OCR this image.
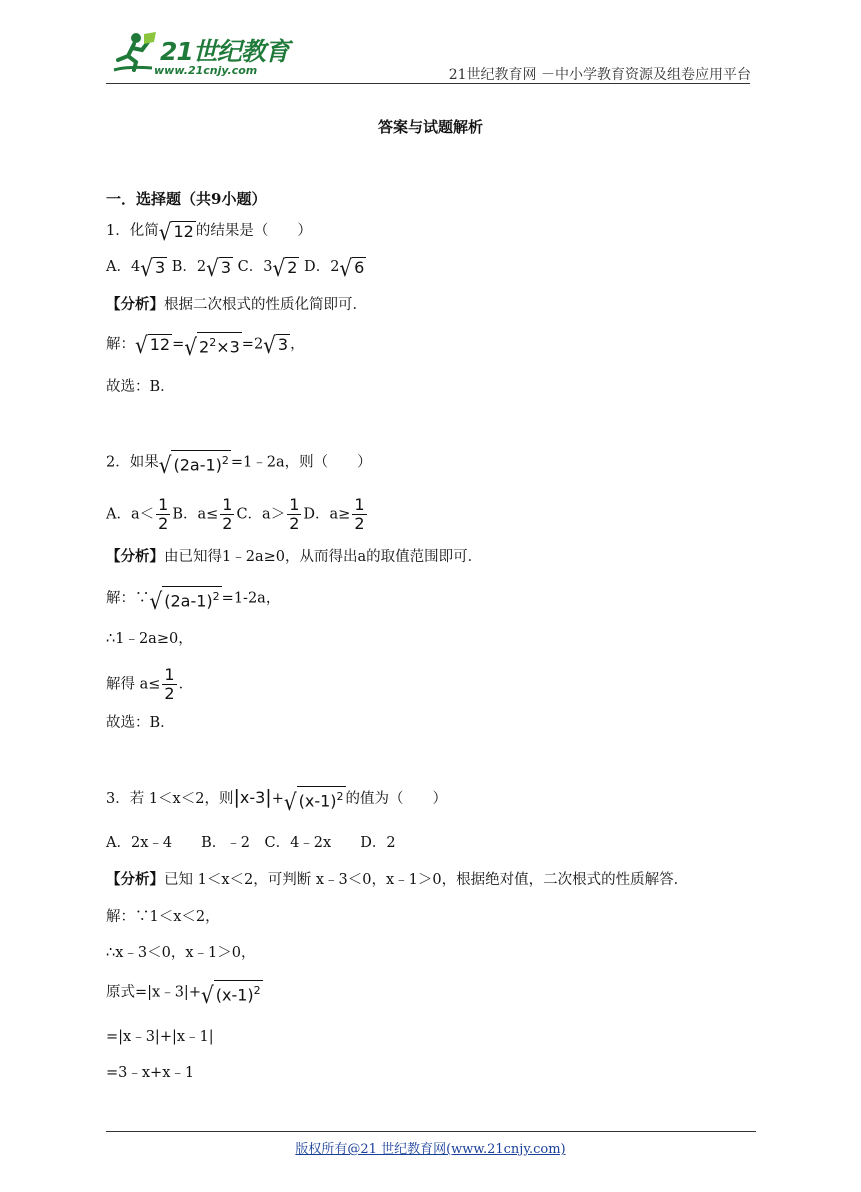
21世纪教育
www.21cnjy.com	21世纪教育网 －中小学教育资源及组卷应用平台
答案与试题解析
一．选择题（共9小题）
1．化简 √ 12 的结果是（　　）
A．4 √ 3 B．2 √ 3 C．3 √ 2 D．2 √ 6
【分析】根据二次根式的性质化简即可．
解： √ 12 = √ $2^2\times 3 =2$ √ 3 ，
故选：B．
2．如果 √ $(2a-1)^2$ =1﹣2a，则（　　）
A．$a< \frac{1}{2}$ B．$a\le \frac{1}{2}$ C．$a> \frac{1}{2}$ D．$a\ge \frac{1}{2}$
【分析】由已知得1﹣2a≥0，从而得出a的取值范围即可．
解：∵ √ $(2a-1)^2 =1-2a$，
∴1﹣2a≥0，
解得 $a\le \frac{1}{2}$ ．
故选：B．
3．若 1＜x＜2，则|x-3|+ √ $(x-1)^2$ 的值为（　　）
A．2x﹣4　　B．﹣2　C．4﹣2x　　D．2
【分析】已知 1＜x＜2，可判断 x﹣3＜0，x﹣1＞0，根据绝对值，二次根式的性质解答．
解：∵1＜x＜2，
∴x﹣3＜0，x﹣1＞0，
原式=|x﹣3|+ √ $(x-1)^2$
=|x﹣3|+|x﹣1|
=3﹣x+x﹣1
版权所有@21 世纪教育网(www.21cnjy.com)
